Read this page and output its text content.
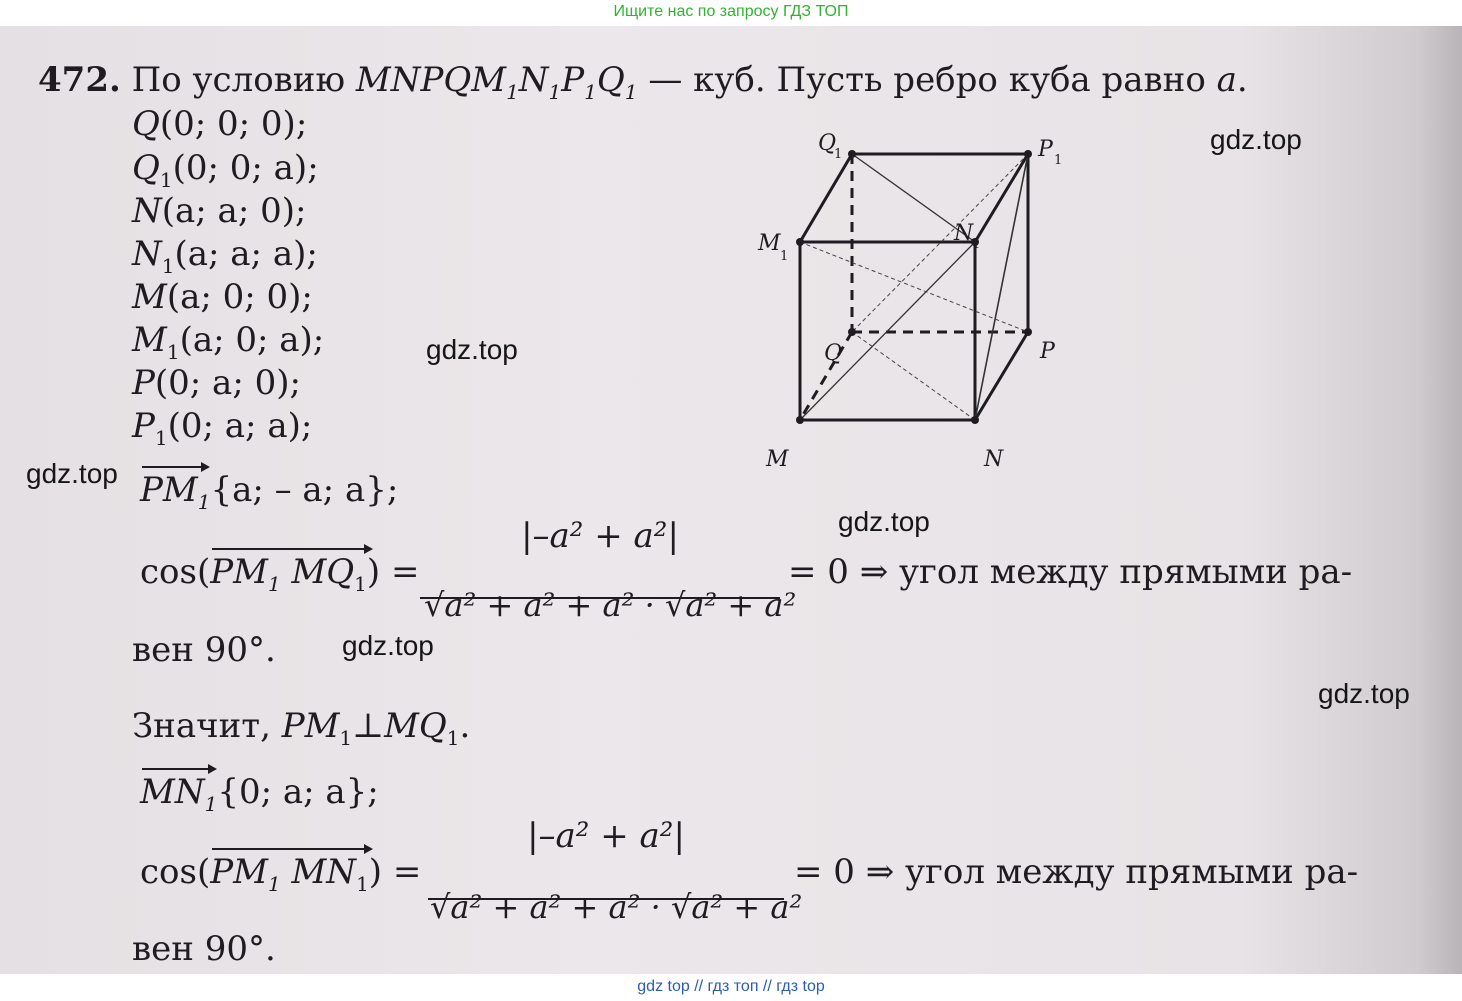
Ищите нас по запросу ГДЗ ТОП
472. По условию $MNPQM_1N_1P_1Q_1$ — куб. Пусть ребро куба равно a.
Q(0; 0; 0);
$Q_1(0$; 0; a);
N(a; a; 0);
$N_1(a$; a; a);
M(a; 0; 0);
$M_1(a$; 0; a);
P(0; a; 0);
$P_1(0$; a; a);
$PM_1\{a$; – a; a};
cos(
$PM_1$ $MQ_1$) =
|–a² + a²|
√a² + a² + a² · √a² + a²
= 0 ⇒ угол между прямыми ра-
вен 90°.
Значит, $PM_1\perp MQ_1$.
$MN_1\{0$; a; a};
cos(
$PM_1$ $MN_1$) =
|–a² + a²|
√a² + a² + a² · √a² + a²
= 0 ⇒ угол между прямыми ра-
вен 90°.
Q
1	P 1
M
1
N
1
Q	P
M	N
gdz.top
gdz.top
gdz.top
gdz.top
gdz.top
gdz.top
gdz top // гдз топ // гдз top
